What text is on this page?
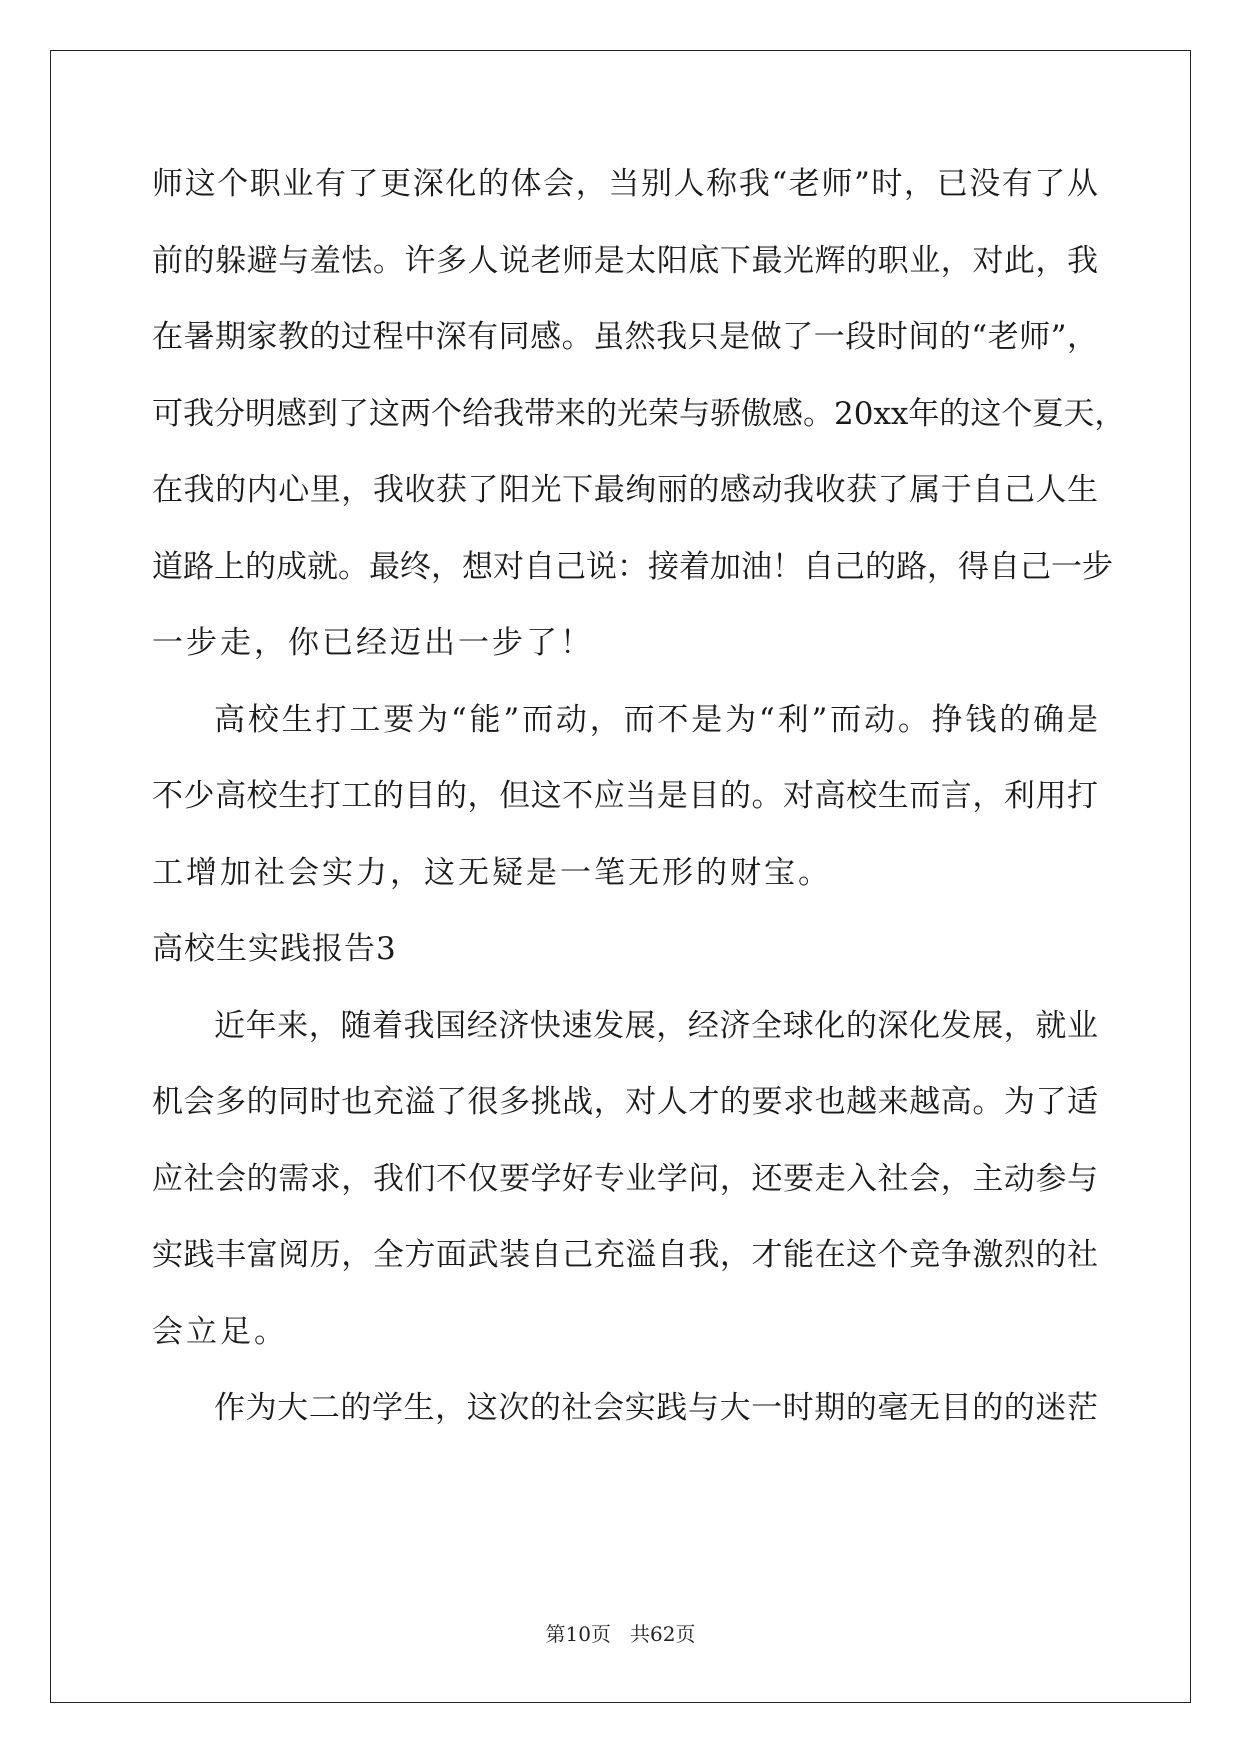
师这个职业有了更深化的体会，当别人称我“老师”时，已没有了从
前的躲避与羞怯。许多人说老师是太阳底下最光辉的职业，对此，我
在暑期家教的过程中深有同感。虽然我只是做了一段时间的“老师”，
可我分明感到了这两个给我带来的光荣与骄傲感。20xx年的这个夏天，
在我的内心里，我收获了阳光下最绚丽的感动我收获了属于自己人生
道路上的成就。最终，想对自己说：接着加油！自己的路，得自己一步
一步走，你已经迈出一步了！
高校生打工要为“能”而动，而不是为“利”而动。挣钱的确是
不少高校生打工的目的，但这不应当是目的。对高校生而言，利用打
工增加社会实力，这无疑是一笔无形的财宝。
高校生实践报告3
近年来，随着我国经济快速发展，经济全球化的深化发展，就业
机会多的同时也充溢了很多挑战，对人才的要求也越来越高。为了适
应社会的需求，我们不仅要学好专业学问，还要走入社会，主动参与
实践丰富阅历，全方面武装自己充溢自我，才能在这个竞争激烈的社
会立足。
作为大二的学生，这次的社会实践与大一时期的毫无目的的迷茫
第10页 共62页
